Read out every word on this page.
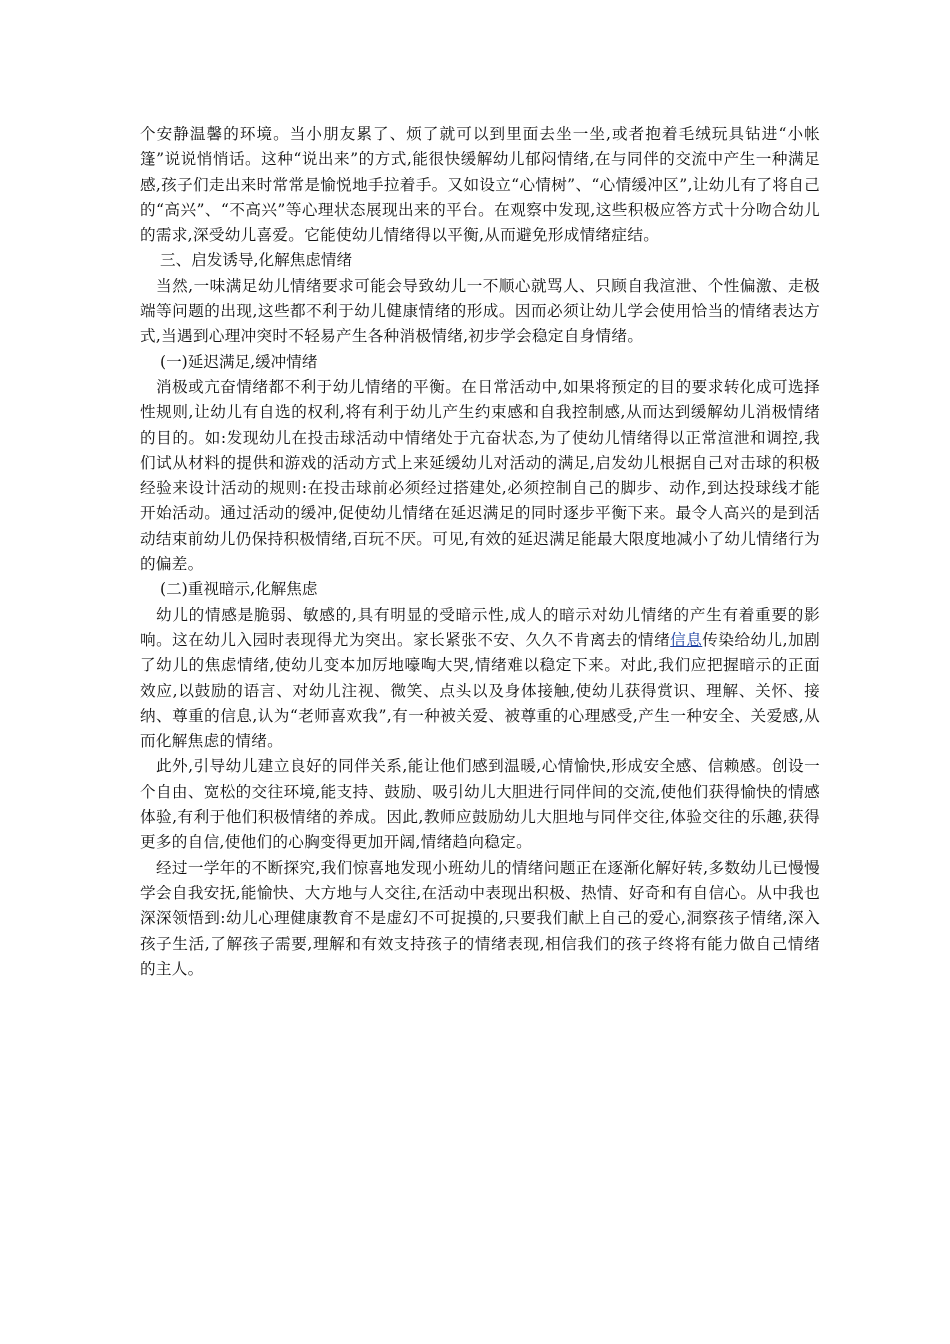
个安静温馨的环境。当小朋友累了、烦了就可以到里面去坐一坐,或者抱着毛绒玩具钻进“小帐篷”说说悄悄话。这种“说出来”的方式,能很快缓解幼儿郁闷情绪,在与同伴的交流中产生一种满足感,孩子们走出来时常常是愉悦地手拉着手。又如设立“心情树”、“心情缓冲区”,让幼儿有了将自己的“高兴”、“不高兴”等心理状态展现出来的平台。在观察中发现,这些积极应答方式十分吻合幼儿的需求,深受幼儿喜爱。它能使幼儿情绪得以平衡,从而避免形成情绪症结。

三、启发诱导,化解焦虑情绪

当然,一味满足幼儿情绪要求可能会导致幼儿一不顺心就骂人、只顾自我渲泄、个性偏激、走极端等问题的出现,这些都不利于幼儿健康情绪的形成。因而必须让幼儿学会使用恰当的情绪表达方式,当遇到心理冲突时不轻易产生各种消极情绪,初步学会稳定自身情绪。

(一)延迟满足,缓冲情绪

消极或亢奋情绪都不利于幼儿情绪的平衡。在日常活动中,如果将预定的目的要求转化成可选择性规则,让幼儿有自选的权利,将有利于幼儿产生约束感和自我控制感,从而达到缓解幼儿消极情绪的目的。如:发现幼儿在投击球活动中情绪处于亢奋状态,为了使幼儿情绪得以正常渲泄和调控,我们试从材料的提供和游戏的活动方式上来延缓幼儿对活动的满足,启发幼儿根据自己对击球的积极经验来设计活动的规则:在投击球前必须经过搭建处,必须控制自己的脚步、动作,到达投球线才能开始活动。通过活动的缓冲,促使幼儿情绪在延迟满足的同时逐步平衡下来。最令人高兴的是到活动结束前幼儿仍保持积极情绪,百玩不厌。可见,有效的延迟满足能最大限度地减小了幼儿情绪行为的偏差。

(二)重视暗示,化解焦虑

幼儿的情感是脆弱、敏感的,具有明显的受暗示性,成人的暗示对幼儿情绪的产生有着重要的影响。这在幼儿入园时表现得尤为突出。家长紧张不安、久久不肯离去的情绪信息传染给幼儿,加剧了幼儿的焦虑情绪,使幼儿变本加厉地嚎啕大哭,情绪难以稳定下来。对此,我们应把握暗示的正面效应,以鼓励的语言、对幼儿注视、微笑、点头以及身体接触,使幼儿获得赏识、理解、关怀、接纳、尊重的信息,认为“老师喜欢我”,有一种被关爱、被尊重的心理感受,产生一种安全、关爱感,从而化解焦虑的情绪。

此外,引导幼儿建立良好的同伴关系,能让他们感到温暖,心情愉快,形成安全感、信赖感。创设一个自由、宽松的交往环境,能支持、鼓励、吸引幼儿大胆进行同伴间的交流,使他们获得愉快的情感体验,有利于他们积极情绪的养成。因此,教师应鼓励幼儿大胆地与同伴交往,体验交往的乐趣,获得更多的自信,使他们的心胸变得更加开阔,情绪趋向稳定。

经过一学年的不断探究,我们惊喜地发现小班幼儿的情绪问题正在逐渐化解好转,多数幼儿已慢慢学会自我安抚,能愉快、大方地与人交往,在活动中表现出积极、热情、好奇和有自信心。从中我也深深领悟到:幼儿心理健康教育不是虚幻不可捉摸的,只要我们献上自己的爱心,洞察孩子情绪,深入孩子生活,了解孩子需要,理解和有效支持孩子的情绪表现,相信我们的孩子终将有能力做自己情绪的主人。
